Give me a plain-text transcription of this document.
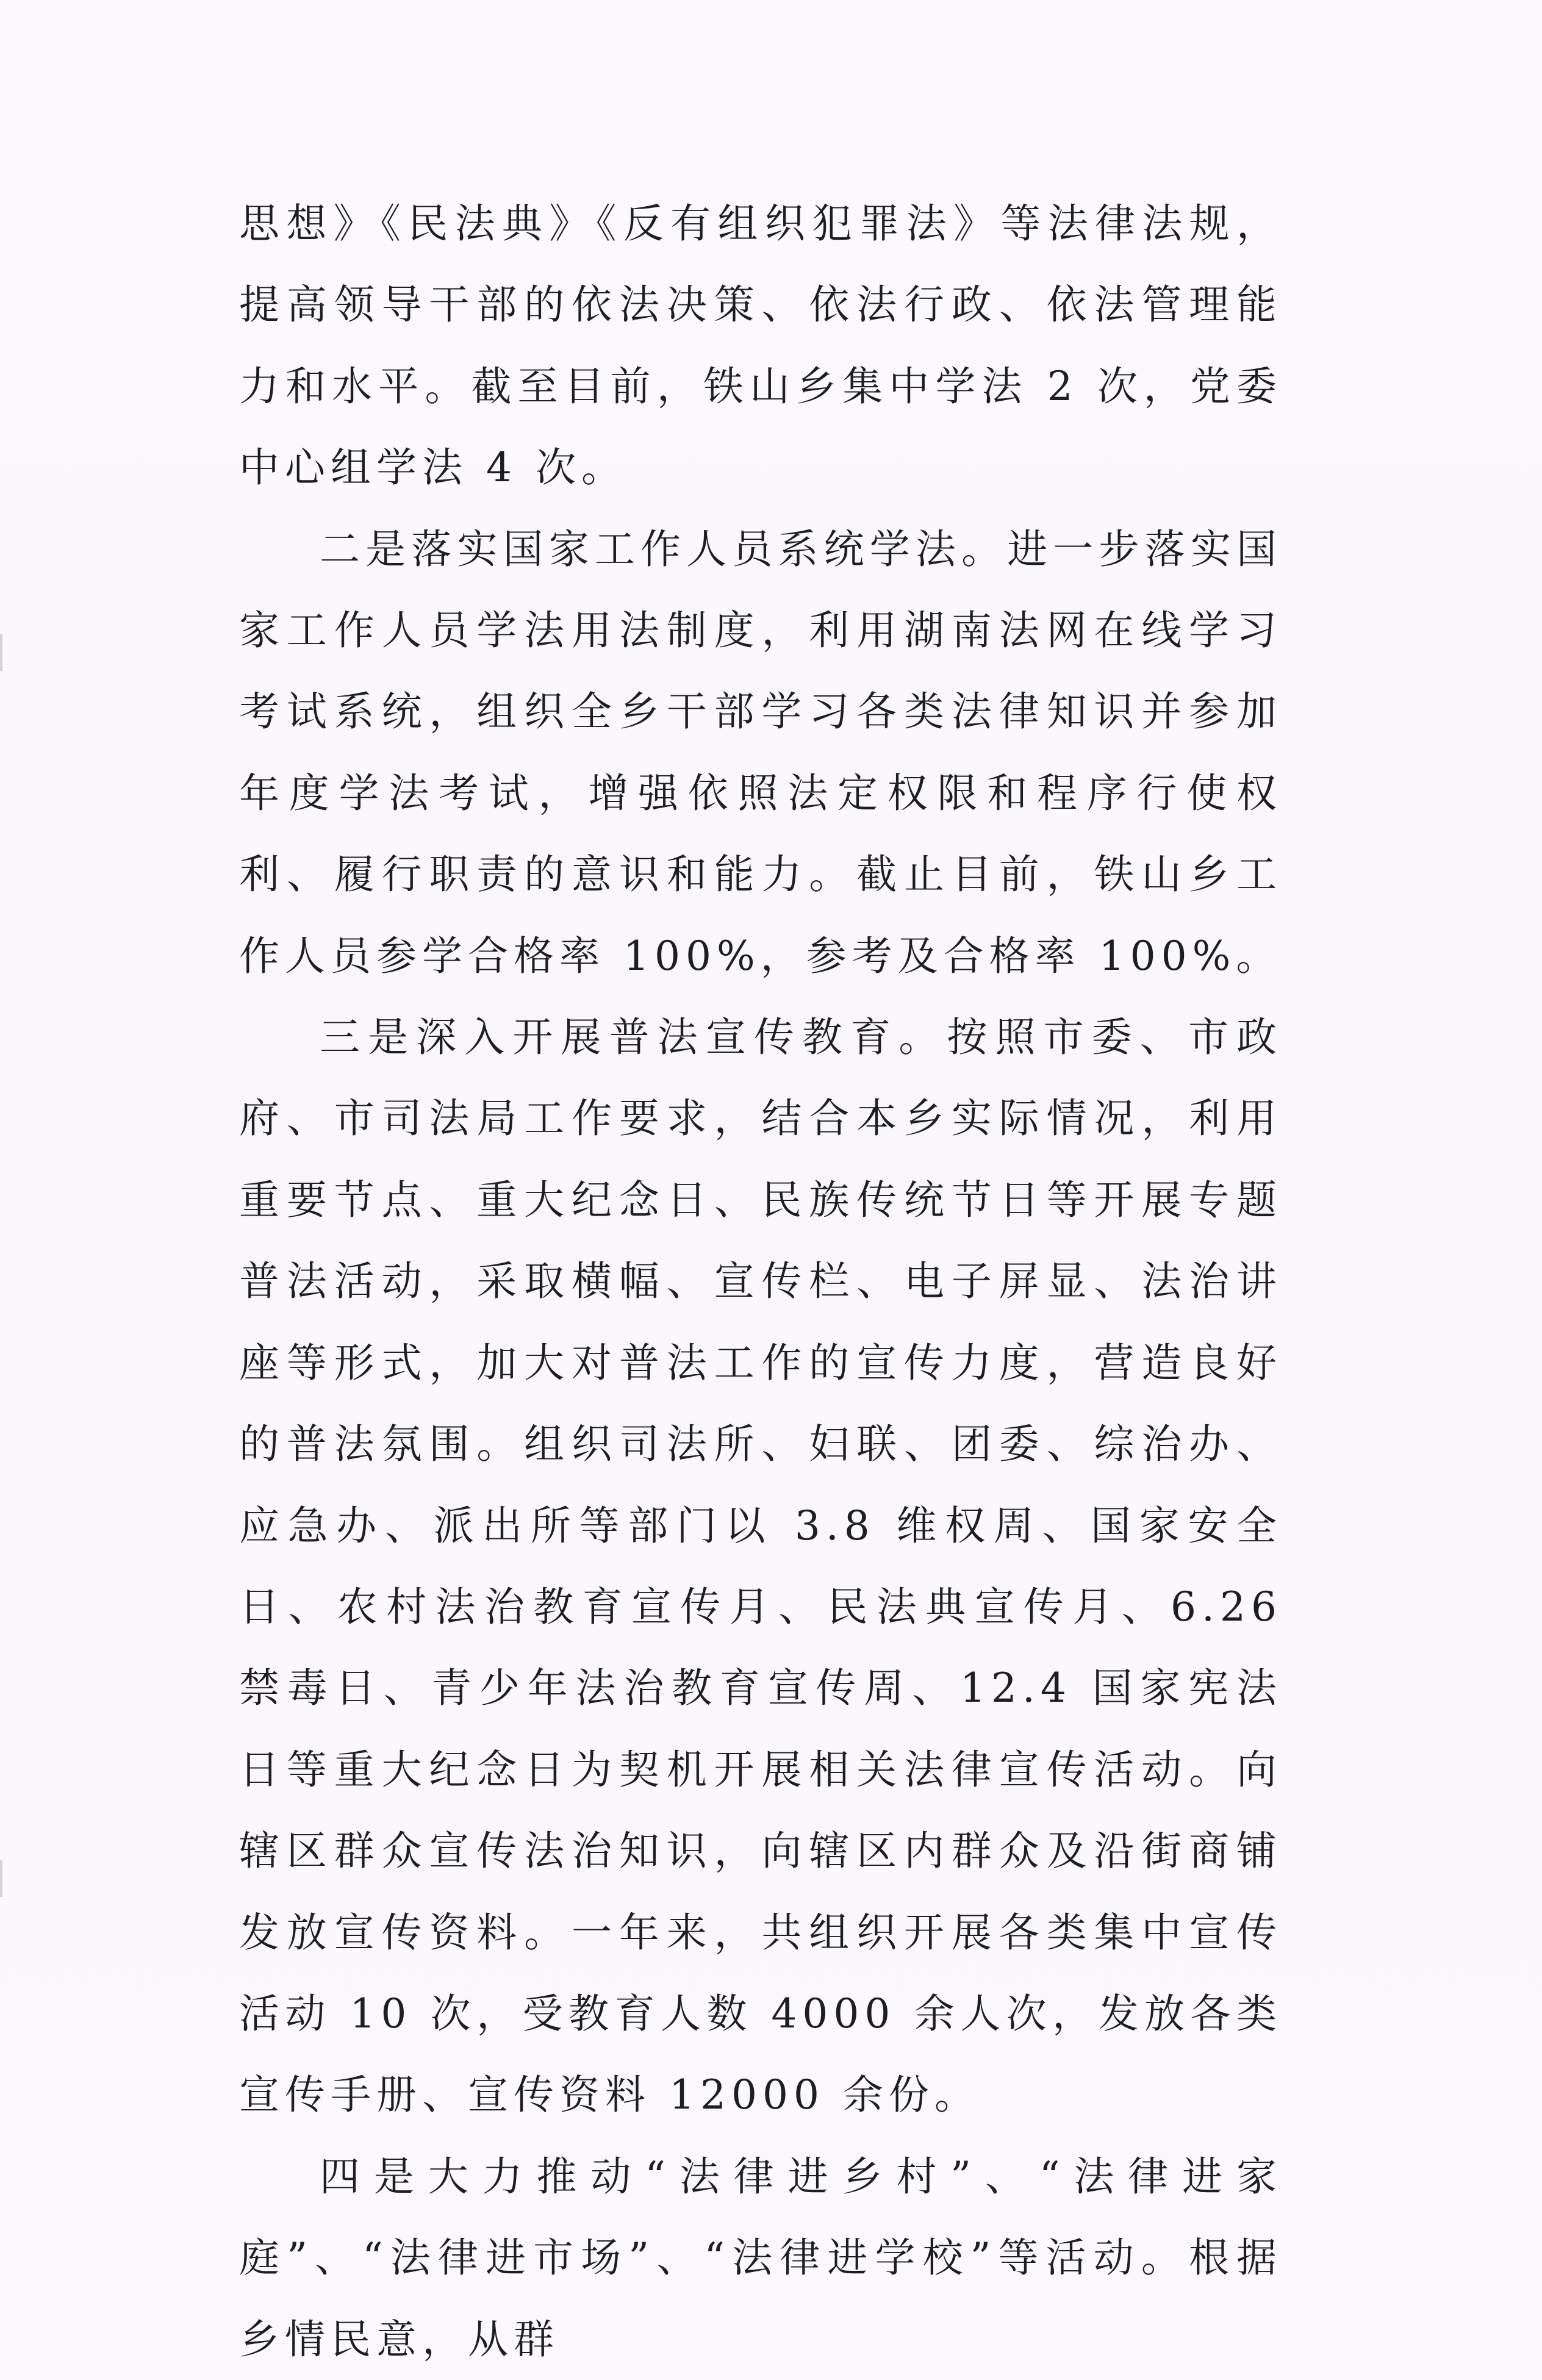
思想》《民法典》《反有组织犯罪法》等法律法规，提高领导干部的依法决策、依法行政、依法管理能力和水平。截至目前，铁山乡集中学法 2 次，党委中心组学法 4 次。

二是落实国家工作人员系统学法。进一步落实国家工作人员学法用法制度，利用湖南法网在线学习考试系统，组织全乡干部学习各类法律知识并参加年度学法考试，增强依照法定权限和程序行使权利、履行职责的意识和能力。截止目前，铁山乡工作人员参学合格率 100%，参考及合格率 100%。

三是深入开展普法宣传教育。按照市委、市政府、市司法局工作要求，结合本乡实际情况，利用重要节点、重大纪念日、民族传统节日等开展专题普法活动，采取横幅、宣传栏、电子屏显、法治讲座等形式，加大对普法工作的宣传力度，营造良好的普法氛围。组织司法所、妇联、团委、综治办、应急办、派出所等部门以 3.8 维权周、国家安全日、农村法治教育宣传月、民法典宣传月、6.26 禁毒日、青少年法治教育宣传周、12.4 国家宪法日等重大纪念日为契机开展相关法律宣传活动。向辖区群众宣传法治知识，向辖区内群众及沿街商铺发放宣传资料。一年来，共组织开展各类集中宣传活动 10 次，受教育人数 4000 余人次，发放各类宣传手册、宣传资料 12000 余份。

四是大力推动“法律进乡村”、“法律进家庭”、“法律进市场”、“法律进学校”等活动。根据乡情民意，从群
